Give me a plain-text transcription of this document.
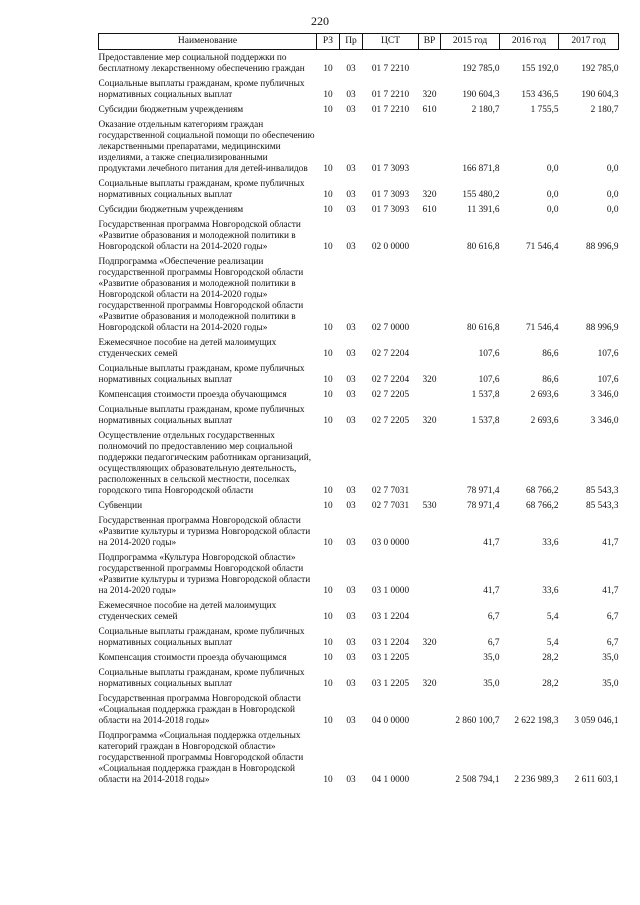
220
Наименование	РЗ	Пр	ЦСТ	ВР	2015 год	2016 год	2017 год
Предоставление мер социальной поддержки по бесплатному лекарственному обеспечению граждан	10	03	01 7 2210		192 785,0	155 192,0	192 785,0
Социальные выплаты гражданам, кроме публичных нормативных социальных выплат	10	03	01 7 2210	320	190 604,3	153 436,5	190 604,3
Субсидии бюджетным учреждениям	10	03	01 7 2210	610	2 180,7	1 755,5	2 180,7
Оказание отдельным категориям граждан государственной социальной помощи по обеспечению лекарственными препаратами, медицинскими изделиями, а также специализированными продуктами лечебного питания для детей-инвалидов	10	03	01 7 3093		166 871,8	0,0	0,0
Социальные выплаты гражданам, кроме публичных нормативных социальных выплат	10	03	01 7 3093	320	155 480,2	0,0	0,0
Субсидии бюджетным учреждениям	10	03	01 7 3093	610	11 391,6	0,0	0,0
Государственная программа Новгородской области «Развитие образования и молодежной политики в Новгородской области на 2014-2020 годы»	10	03	02 0 0000		80 616,8	71 546,4	88 996,9
Подпрограмма «Обеспечение реализации государственной программы Новгородской области «Развитие образования и молодежной политики в Новгородской области на 2014-2020 годы» государственной программы Новгородской области «Развитие образования и молодежной политики в Новгородской области на 2014-2020 годы»	10	03	02 7 0000		80 616,8	71 546,4	88 996,9
Ежемесячное пособие на детей малоимущих студенческих семей	10	03	02 7 2204		107,6	86,6	107,6
Социальные выплаты гражданам, кроме публичных нормативных социальных выплат	10	03	02 7 2204	320	107,6	86,6	107,6
Компенсация стоимости проезда обучающимся	10	03	02 7 2205		1 537,8	2 693,6	3 346,0
Социальные выплаты гражданам, кроме публичных нормативных социальных выплат	10	03	02 7 2205	320	1 537,8	2 693,6	3 346,0
Осуществление отдельных государственных полномочий по предоставлению мер социальной поддержки педагогическим работникам организаций, осуществляющих образовательную деятельность, расположенных в сельской местности, поселках городского типа Новгородской области	10	03	02 7 7031		78 971,4	68 766,2	85 543,3
Субвенции	10	03	02 7 7031	530	78 971,4	68 766,2	85 543,3
Государственная программа Новгородской области «Развитие культуры и туризма Новгородской области на 2014-2020 годы»	10	03	03 0 0000		41,7	33,6	41,7
Подпрограмма «Культура Новгородской области» государственной программы Новгородской области «Развитие культуры и туризма Новгородской области на 2014-2020 годы»	10	03	03 1 0000		41,7	33,6	41,7
Ежемесячное пособие на детей малоимущих студенческих семей	10	03	03 1 2204		6,7	5,4	6,7
Социальные выплаты гражданам, кроме публичных нормативных социальных выплат	10	03	03 1 2204	320	6,7	5,4	6,7
Компенсация стоимости проезда обучающимся	10	03	03 1 2205		35,0	28,2	35,0
Социальные выплаты гражданам, кроме публичных нормативных социальных выплат	10	03	03 1 2205	320	35,0	28,2	35,0
Государственная программа Новгородской области «Социальная поддержка граждан в Новгородской области на 2014-2018 годы»	10	03	04 0 0000		2 860 100,7	2 622 198,3	3 059 046,1
Подпрограмма «Социальная поддержка отдельных категорий граждан в Новгородской области» государственной программы Новгородской области «Социальная поддержка граждан в Новгородской области на 2014-2018 годы»	10	03	04 1 0000		2 508 794,1	2 236 989,3	2 611 603,1
